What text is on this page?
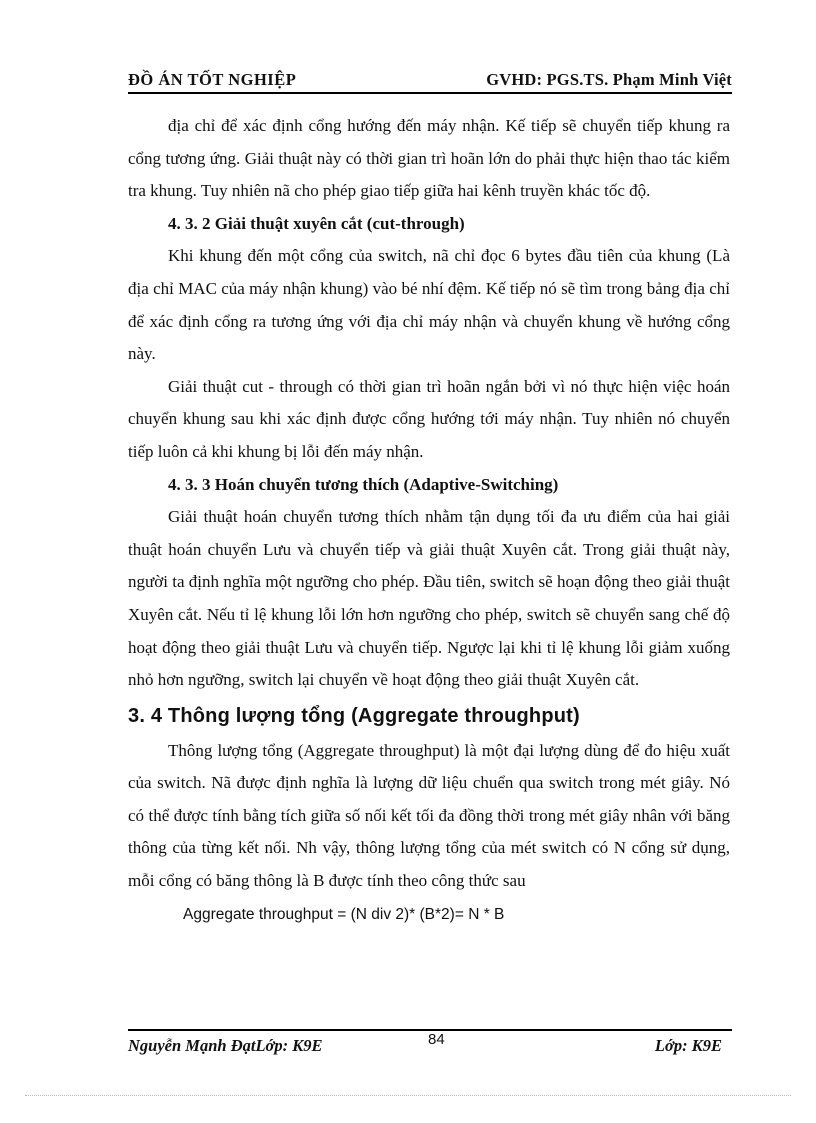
ĐỒ ÁN TỐT NGHIỆP	GVHD: PGS.TS. Phạm Minh Việt

địa chỉ để xác định cổng hướng đến máy nhận. Kế tiếp sẽ chuyển tiếp khung ra cổng tương ứng. Giải thuật này có thời gian trì hoãn lớn do phải thực hiện thao tác kiểm tra khung. Tuy nhiên nã cho phép giao tiếp giữa hai kênh truyền khác tốc độ.

4. 3. 2 Giải thuật xuyên cắt (cut-through)

Khi khung đến một cổng của switch, nã chỉ đọc 6 bytes đầu tiên của khung (Là địa chỉ MAC của máy nhận khung) vào bé nhí đệm. Kế tiếp nó sẽ tìm trong bảng địa chỉ để xác định cổng ra tương ứng với địa chỉ máy nhận và chuyển khung về hướng cổng này.

Giải thuật cut - through có thời gian trì hoãn ngắn bởi vì nó thực hiện việc hoán chuyển khung sau khi xác định được cổng hướng tới máy nhận. Tuy nhiên nó chuyển tiếp luôn cả khi khung bị lỗi đến máy nhận.

4. 3. 3 Hoán chuyển tương thích (Adaptive-Switching)

Giải thuật hoán chuyển tương thích nhằm tận dụng tối đa ưu điểm của hai giải thuật hoán chuyển Lưu và chuyển tiếp và giải thuật Xuyên cắt. Trong giải thuật này, người ta định nghĩa một ngưỡng cho phép. Đầu tiên, switch sẽ hoạn động theo giải thuật Xuyên cắt. Nếu tỉ lệ khung lỗi lớn hơn ngưỡng cho phép, switch sẽ chuyển sang chế độ hoạt động theo giải thuật Lưu và chuyển tiếp. Ngược lại khi tỉ lệ khung lỗi giảm xuống nhỏ hơn ngưỡng, switch lại chuyển về hoạt động theo giải thuật Xuyên cắt.

3. 4 Thông lượng tổng (Aggregate throughput)

Thông lượng tổng (Aggregate throughput) là một đại lượng dùng để đo hiệu xuất của switch. Nã được định nghĩa là lượng dữ liệu chuển qua switch trong mét giây. Nó có thể được tính bằng tích giữa số nối kết tối đa đồng thời trong mét giây nhân với băng thông của từng kết nối. Nh vậy, thông lượng tổng của mét switch có N cổng sử dụng, mỗi cổng có băng thông là B được tính theo công thức sau

Aggregate throughput = (N div 2)* (B*2)= N * B

Nguyễn Mạnh ĐạtLớp: K9E	84	Lớp: K9E
